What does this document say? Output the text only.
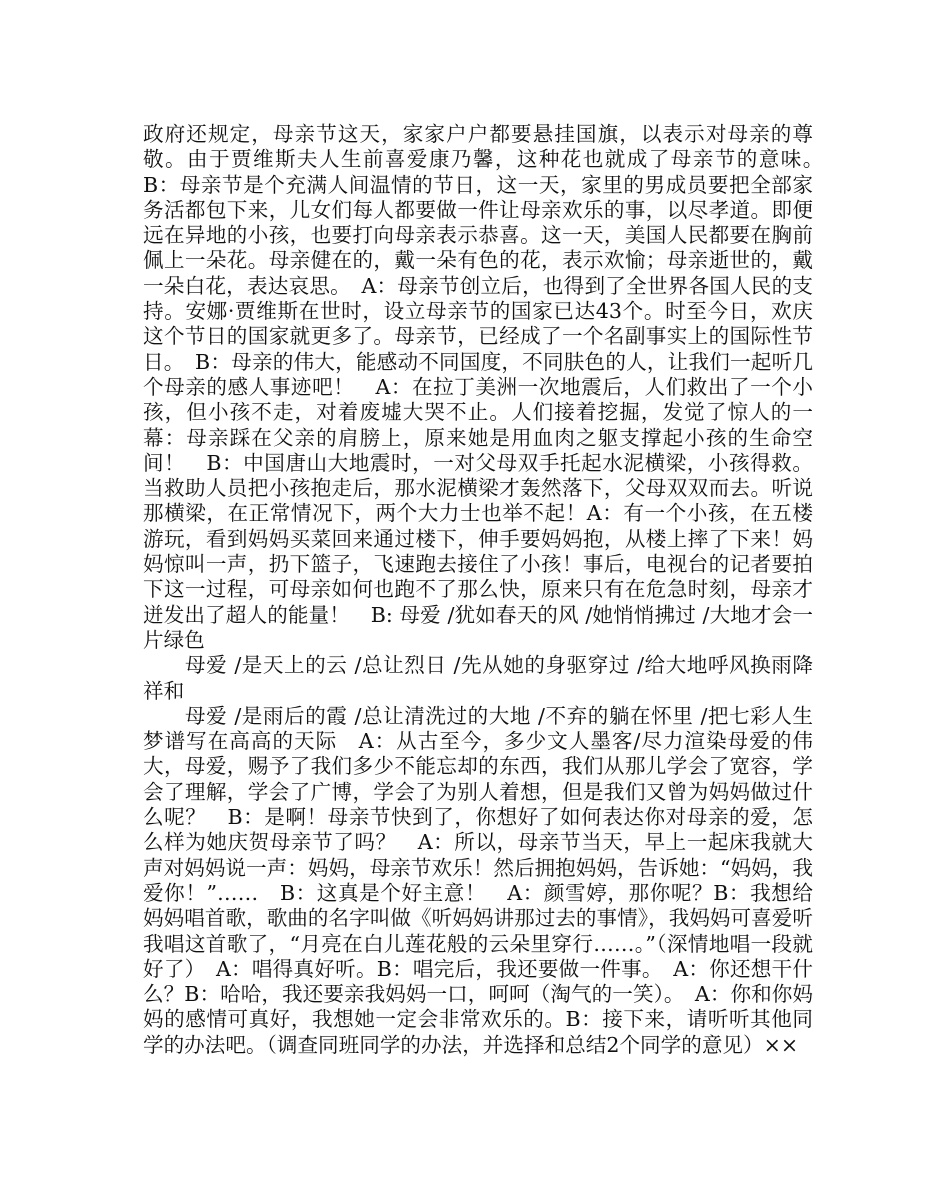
政府还规定，母亲节这天，家家户户都要悬挂国旗，以表示对母亲的尊敬。由于贾维斯夫人生前喜爱康乃馨，这种花也就成了母亲节的意味。　B：母亲节是个充满人间温情的节日，这一天，家里的男成员要把全部家务活都包下来，儿女们每人都要做一件让母亲欢乐的事，以尽孝道。即便远在异地的小孩，也要打向母亲表示恭喜。这一天，美国人民都要在胸前佩上一朵花。母亲健在的，戴一朵有色的花，表示欢愉；母亲逝世的，戴一朵白花，表达哀思。　A：母亲节创立后，也得到了全世界各国人民的支持。安娜·贾维斯在世时，设立母亲节的国家已达43个。时至今日，欢庆这个节日的国家就更多了。母亲节，已经成了一个名副事实上的国际性节日。　B：母亲的伟大，能感动不同国度，不同肤色的人，让我们一起听几个母亲的感人事迹吧！　A：在拉丁美洲一次地震后，人们救出了一个小孩，但小孩不走，对着废墟大哭不止。人们接着挖掘，发觉了惊人的一幕：母亲踩在父亲的肩膀上，原来她是用血肉之躯支撑起小孩的生命空间！　B：中国唐山大地震时，一对父母双手托起水泥横梁，小孩得救。当救助人员把小孩抱走后，那水泥横梁才轰然落下，父母双双而去。听说那横梁，在正常情况下，两个大力士也举不起！A：有一个小孩，在五楼游玩，看到妈妈买菜回来通过楼下，伸手要妈妈抱，从楼上摔了下来！妈妈惊叫一声，扔下篮子，飞速跑去接住了小孩！事后，电视台的记者要拍下这一过程，可母亲如何也跑不了那么快，原来只有在危急时刻，母亲才迸发出了超人的能量！　B: 母爱 /犹如春天的风 /她悄悄拂过 /大地才会一片绿色

母爱 /是天上的云 /总让烈日 /先从她的身驱穿过 /给大地呼风换雨降祥和

母爱 /是雨后的霞 /总让清洗过的大地 /不弃的躺在怀里 /把七彩人生梦谱写在高高的天际　A：从古至今，多少文人墨客/尽力渲染母爱的伟大，母爱，赐予了我们多少不能忘却的东西，我们从那儿学会了宽容，学会了理解，学会了广博，学会了为别人着想，但是我们又曾为妈妈做过什么呢？　B：是啊！母亲节快到了，你想好了如何表达你对母亲的爱，怎么样为她庆贺母亲节了吗？　A：所以，母亲节当天，早上一起床我就大声对妈妈说一声：妈妈，母亲节欢乐！然后拥抱妈妈，告诉她：“妈妈，我爱你！”……　B：这真是个好主意！　A：颜雪婷，那你呢？B：我想给妈妈唱首歌，歌曲的名字叫做《听妈妈讲那过去的事情》，我妈妈可喜爱听我唱这首歌了，“月亮在白儿莲花般的云朵里穿行……。”（深情地唱一段就好了）　A：唱得真好听。B：唱完后，我还要做一件事。　A：你还想干什么？B：哈哈，我还要亲我妈妈一口，呵呵（淘气的一笑）。　A：你和你妈妈的感情可真好，我想她一定会非常欢乐的。B：接下来，请听听其他同学的办法吧。（调查同班同学的办法，并选择和总结2个同学的意见）××
